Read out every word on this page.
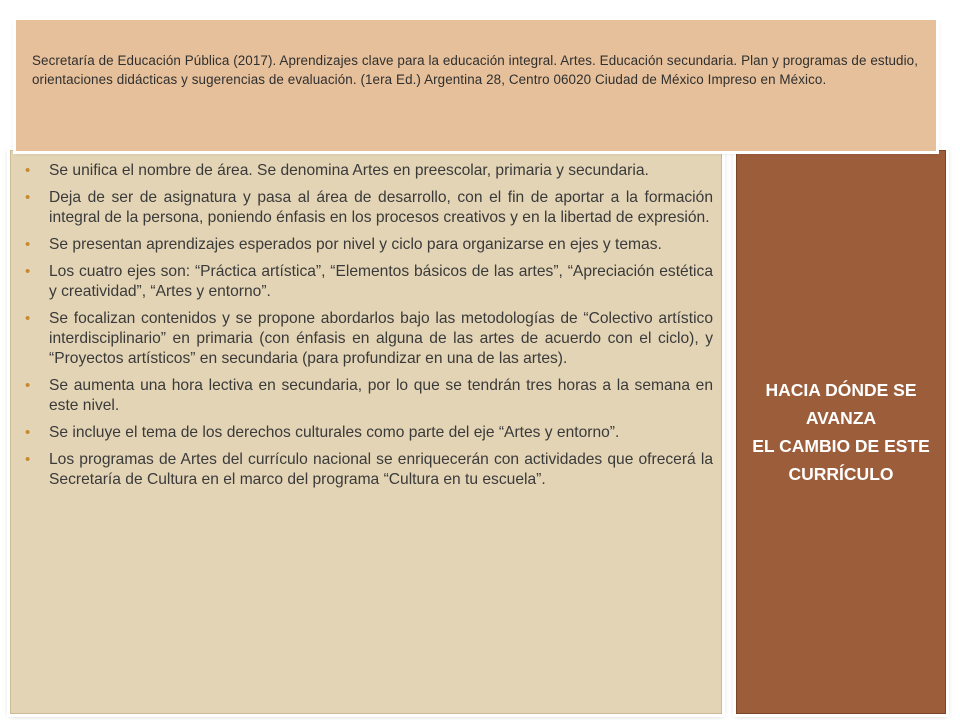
• Se unifica el nombre de área. Se denomina Artes en preescolar, primaria y secundaria.
• Deja de ser de asignatura y pasa al área de desarrollo, con el fin de aportar a la formación integral de la persona, poniendo énfasis en los procesos creativos y en la libertad de expresión.
• Se presentan aprendizajes esperados por nivel y ciclo para organizarse en ejes y temas.
• Los cuatro ejes son: “Práctica artística”, “Elementos básicos de las artes”, “Apreciación estética y creatividad”, “Artes y entorno”.
• Se focalizan contenidos y se propone abordarlos bajo las metodologías de “Colectivo artístico interdisciplinario” en primaria (con énfasis en alguna de las artes de acuerdo con el ciclo), y “Proyectos artísticos” en secundaria (para profundizar en una de las artes).
• Se aumenta una hora lectiva en secundaria, por lo que se tendrán tres horas a la semana en este nivel.
• Se incluye el tema de los derechos culturales como parte del eje “Artes y entorno”.
• Los programas de Artes del currículo nacional se enriquecerán con actividades que ofrecerá la Secretaría de Cultura en el marco del programa “Cultura en tu escuela”.
HACIA DÓNDE SE AVANZA
EL CAMBIO DE ESTE CURRÍCULO
Secretaría de Educación Pública (2017). Aprendizajes clave para la educación integral. Artes. Educación secundaria. Plan y programas de estudio, orientaciones didácticas y sugerencias de evaluación. (1era Ed.) Argentina 28, Centro 06020 Ciudad de México Impreso en México.
